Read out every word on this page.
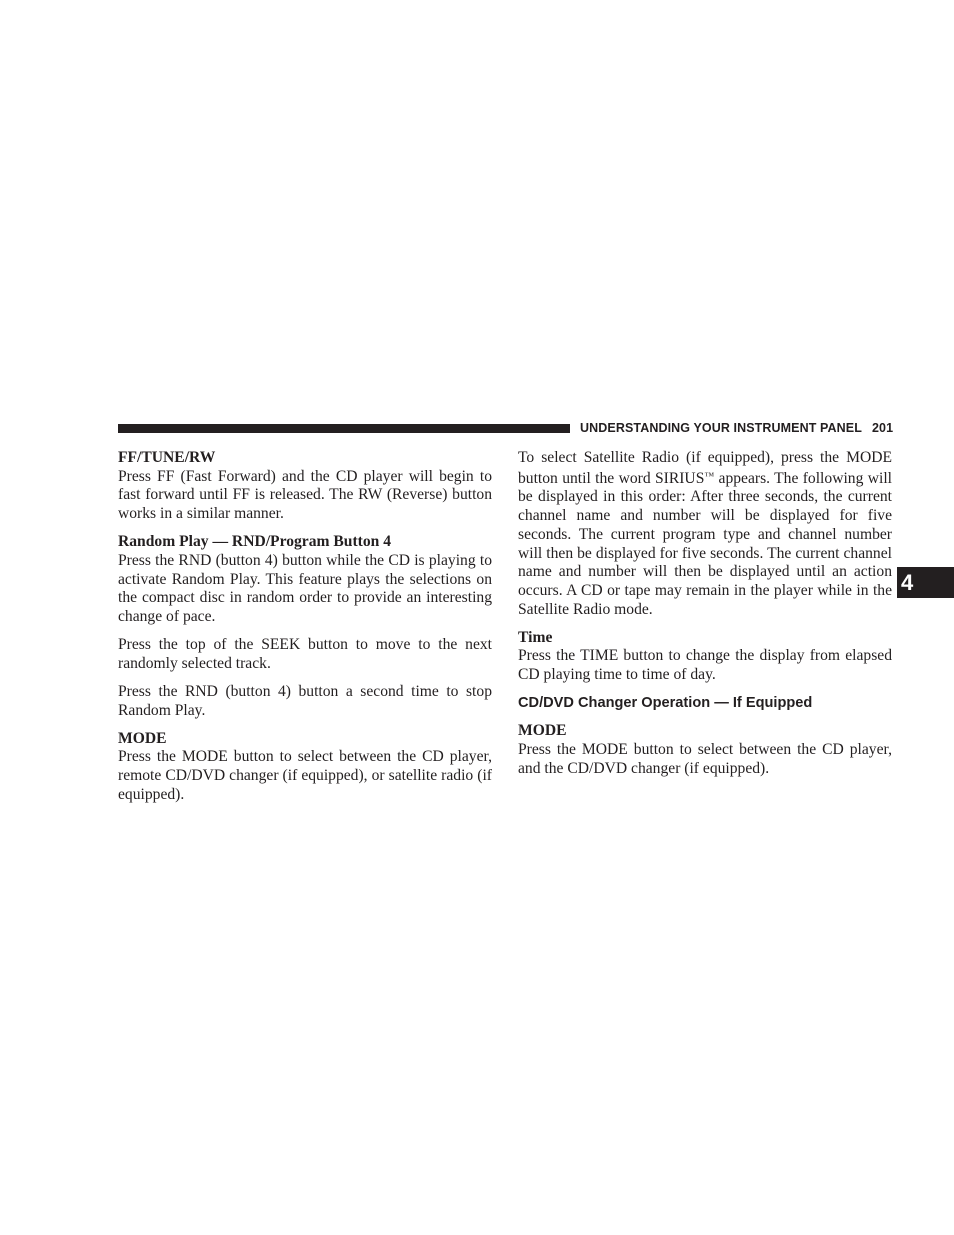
UNDERSTANDING YOUR INSTRUMENT PANEL 201
4
FF/TUNE/RW

Press FF (Fast Forward) and the CD player will begin to fast forward until FF is released. The RW (Reverse) button works in a similar manner.

Random Play — RND/Program Button 4

Press the RND (button 4) button while the CD is playing to activate Random Play. This feature plays the selections on the compact disc in random order to provide an interesting change of pace.

Press the top of the SEEK button to move to the next randomly selected track.

Press the RND (button 4) button a second time to stop Random Play.

MODE

Press the MODE button to select between the CD player, remote CD/DVD changer (if equipped), or satellite radio (if equipped).

To select Satellite Radio (if equipped), press the MODE button until the word SIRIUS™ appears. The following will be displayed in this order: After three seconds, the current channel name and number will be displayed for five seconds. The current program type and channel number will then be displayed for five seconds. The current channel name and number will then be displayed until an action occurs. A CD or tape may remain in the player while in the Satellite Radio mode.

Time

Press the TIME button to change the display from elapsed CD playing time to time of day.

CD/DVD Changer Operation — If Equipped
MODE

Press the MODE button to select between the CD player, and the CD/DVD changer (if equipped).
